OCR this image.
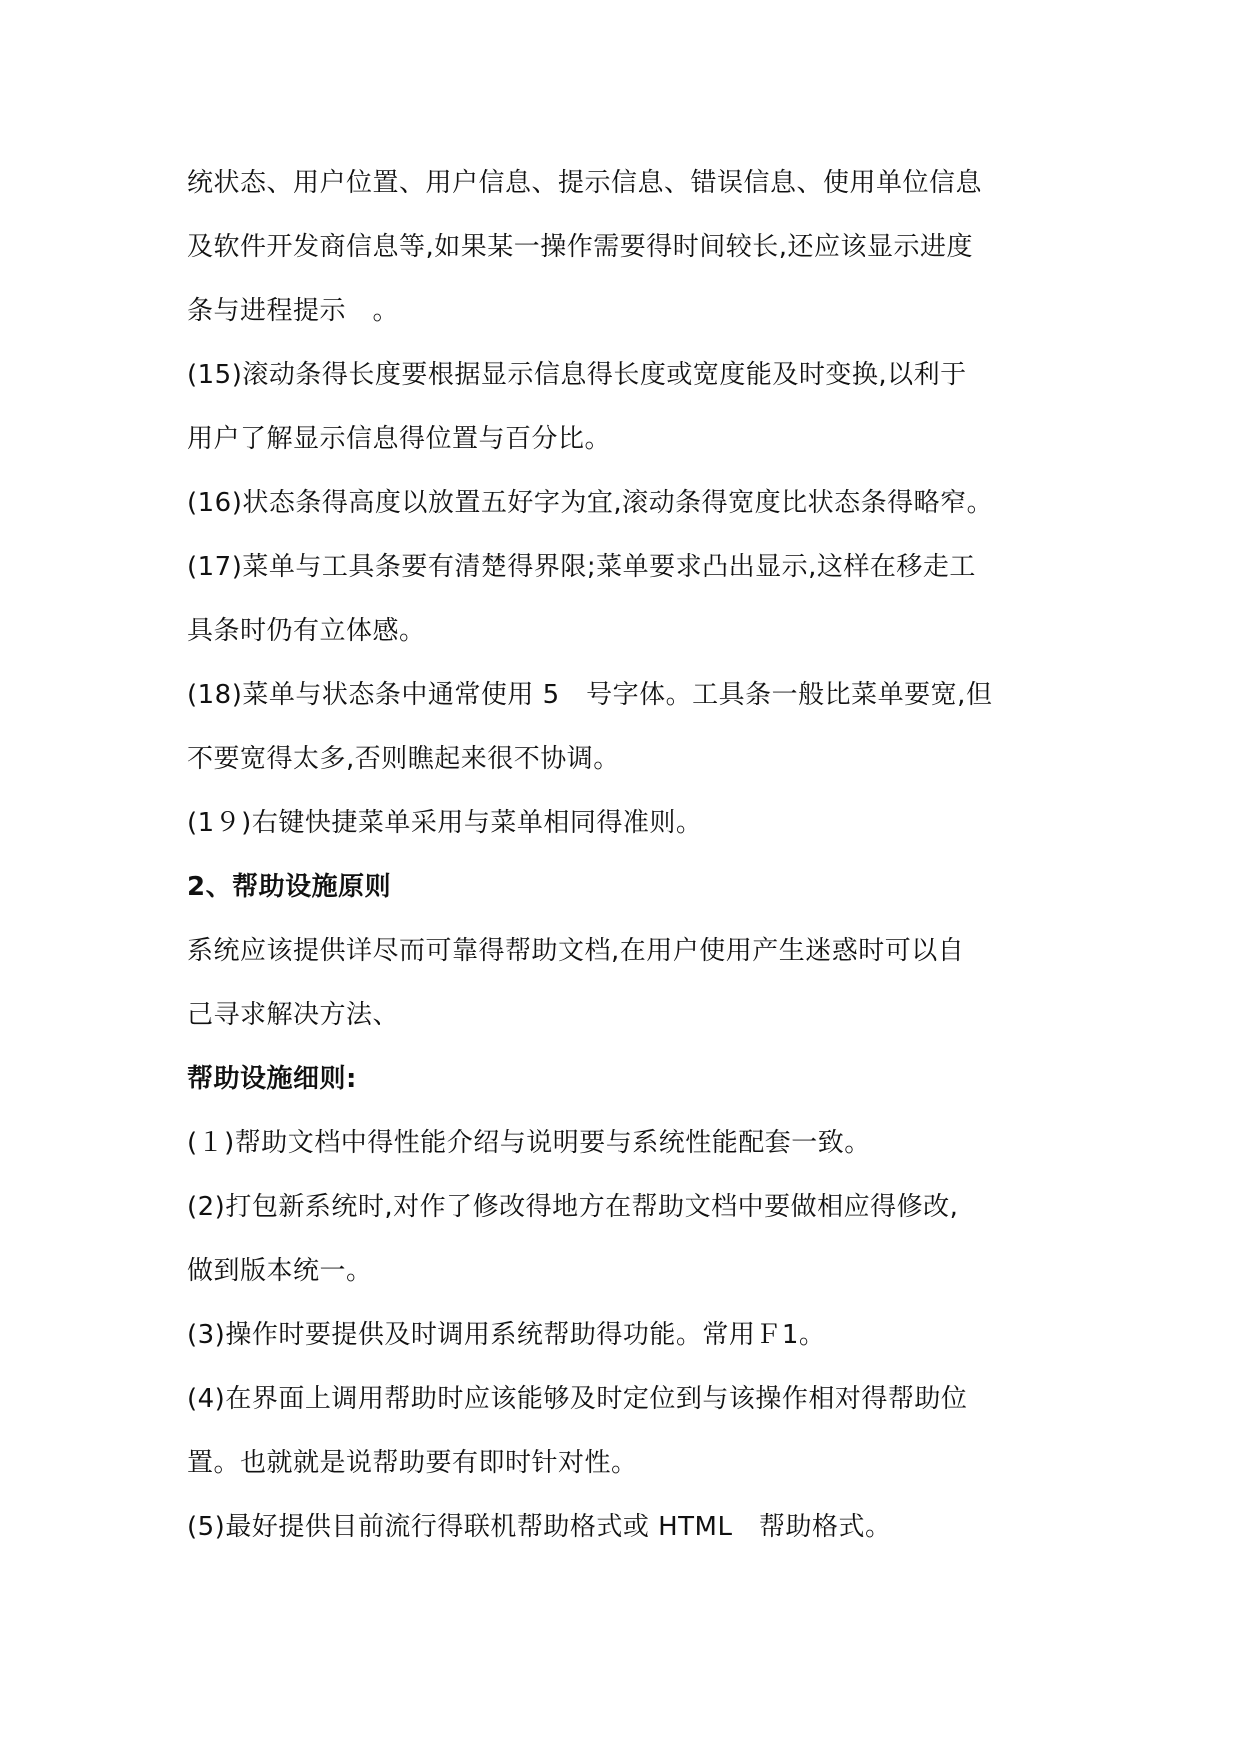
统状态、用户位置、用户信息、提示信息、错误信息、使用单位信息
及软件开发商信息等,如果某一操作需要得时间较长,还应该显示进度
条与进程提示　。
(15)滚动条得长度要根据显示信息得长度或宽度能及时变换,以利于
用户了解显示信息得位置与百分比。
(16)状态条得高度以放置五好字为宜,滚动条得宽度比状态条得略窄。
(17)菜单与工具条要有清楚得界限;菜单要求凸出显示,这样在移走工
具条时仍有立体感。
(18)菜单与状态条中通常使用 5　号字体。工具条一般比菜单要宽,但
不要宽得太多,否则瞧起来很不协调。
(1９)右键快捷菜单采用与菜单相同得准则。
2、帮助设施原则
系统应该提供详尽而可靠得帮助文档,在用户使用产生迷惑时可以自
己寻求解决方法、
帮助设施细则:
(１)帮助文档中得性能介绍与说明要与系统性能配套一致。
(2)打包新系统时,对作了修改得地方在帮助文档中要做相应得修改,
做到版本统一。
(3)操作时要提供及时调用系统帮助得功能。常用Ｆ1。
(4)在界面上调用帮助时应该能够及时定位到与该操作相对得帮助位
置。也就就是说帮助要有即时针对性。
(5)最好提供目前流行得联机帮助格式或 HTML　帮助格式。
